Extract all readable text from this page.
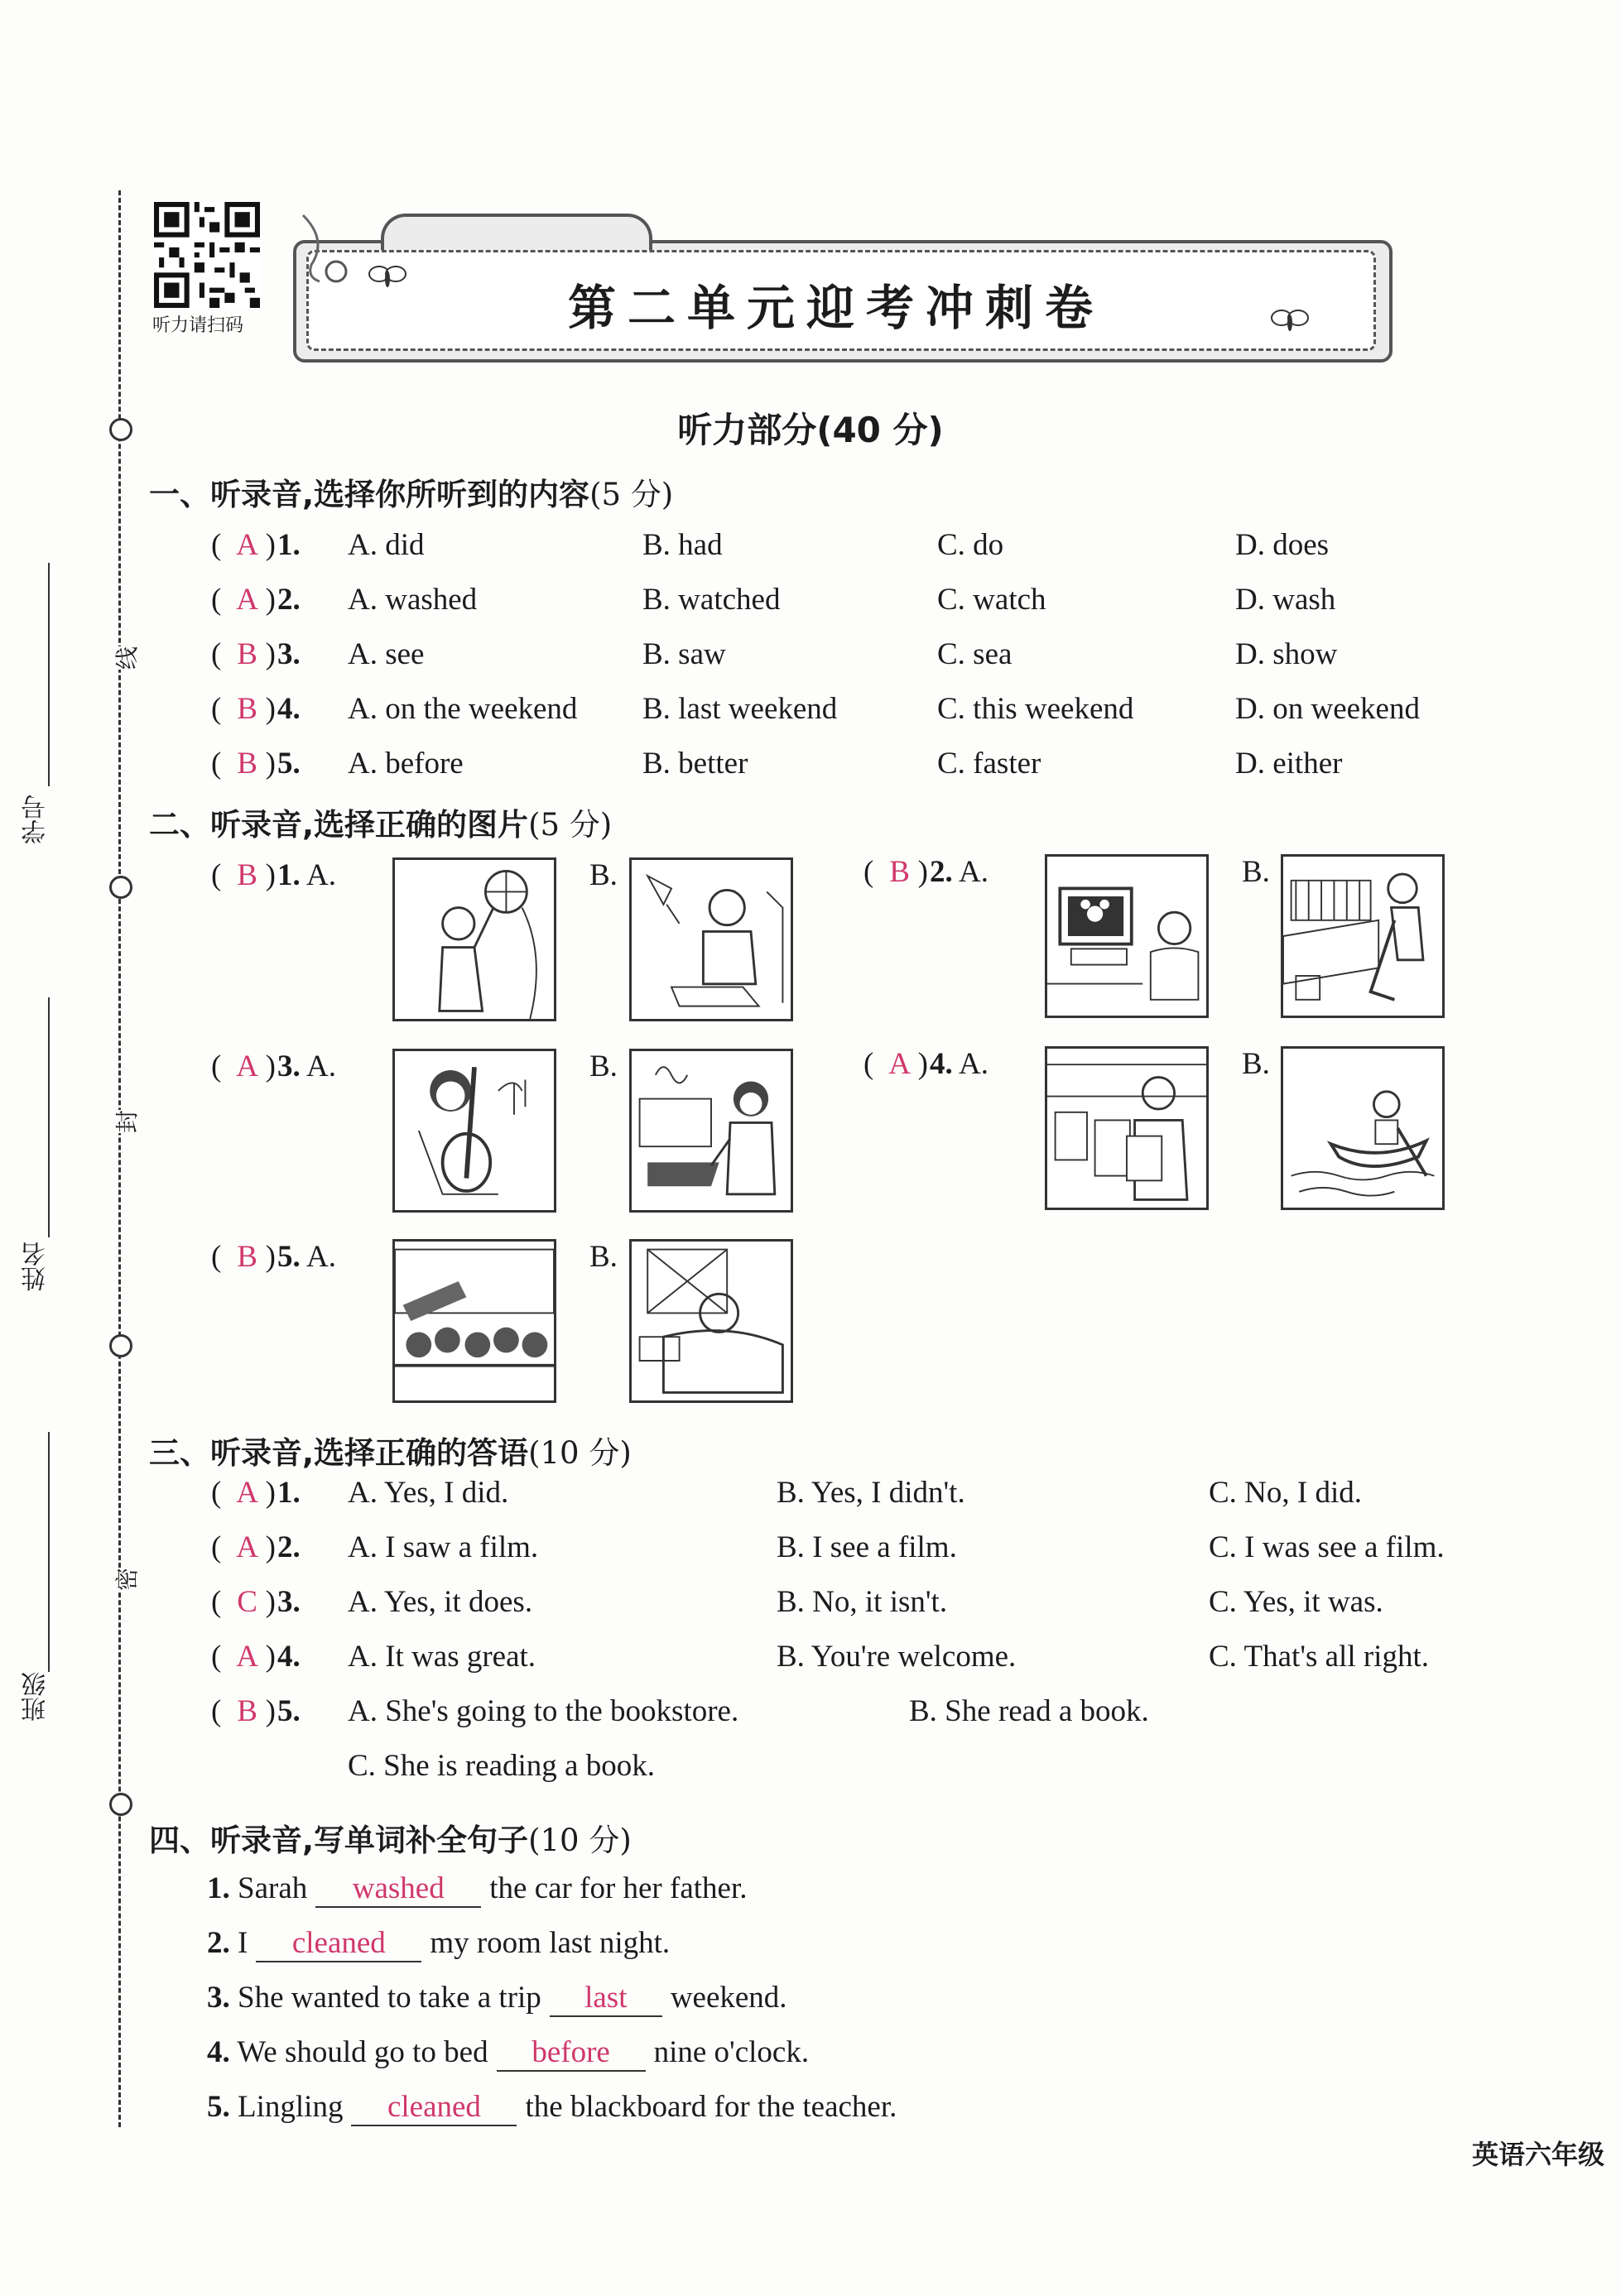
线
封
密
学号
姓名
班级
听力请扫码	第二单元迎考冲刺卷
听力部分(40 分)
一、听录音,选择你所听到的内容(5 分)
( A )1. A. did	B. had	C. do	D. does
( A )2. A. washed	B. watched	C. watch	D. wash
( B )3. A. see	B. saw	C. sea	D. show
( B )4. A. on the weekend B. last weekend	C. this weekend	D. on weekend
( B )5. A. before	B. better	C. faster	D. either
二、听录音,选择正确的图片(5 分)
( B )1. A.	B.	( B )2. A.	B.
( A )3. A.	B.	( A )4. A.	B.
( B )5. A.	B.
三、听录音,选择正确的答语(10 分)
( A )1. A. Yes, I did.	B. Yes, I didn't.	C. No, I did.
( A )2. A. I saw a film.	B. I see a film.	C. I was see a film.
( C )3. A. Yes, it does.	B. No, it isn't.	C. Yes, it was.
( A )4. A. It was great.	B. You're welcome.	C. That's all right.
( B )5. A. She's going to the bookstore.	B. She read a book.
C. She is reading a book.
四、听录音,写单词补全句子(10 分)
1. Sarah washed the car for her father.
2. I cleaned my room last night.
3. She wanted to take a trip last weekend.
4. We should go to bed before nine o'clock.
5. Lingling cleaned the blackboard for the teacher.
英语六年级
